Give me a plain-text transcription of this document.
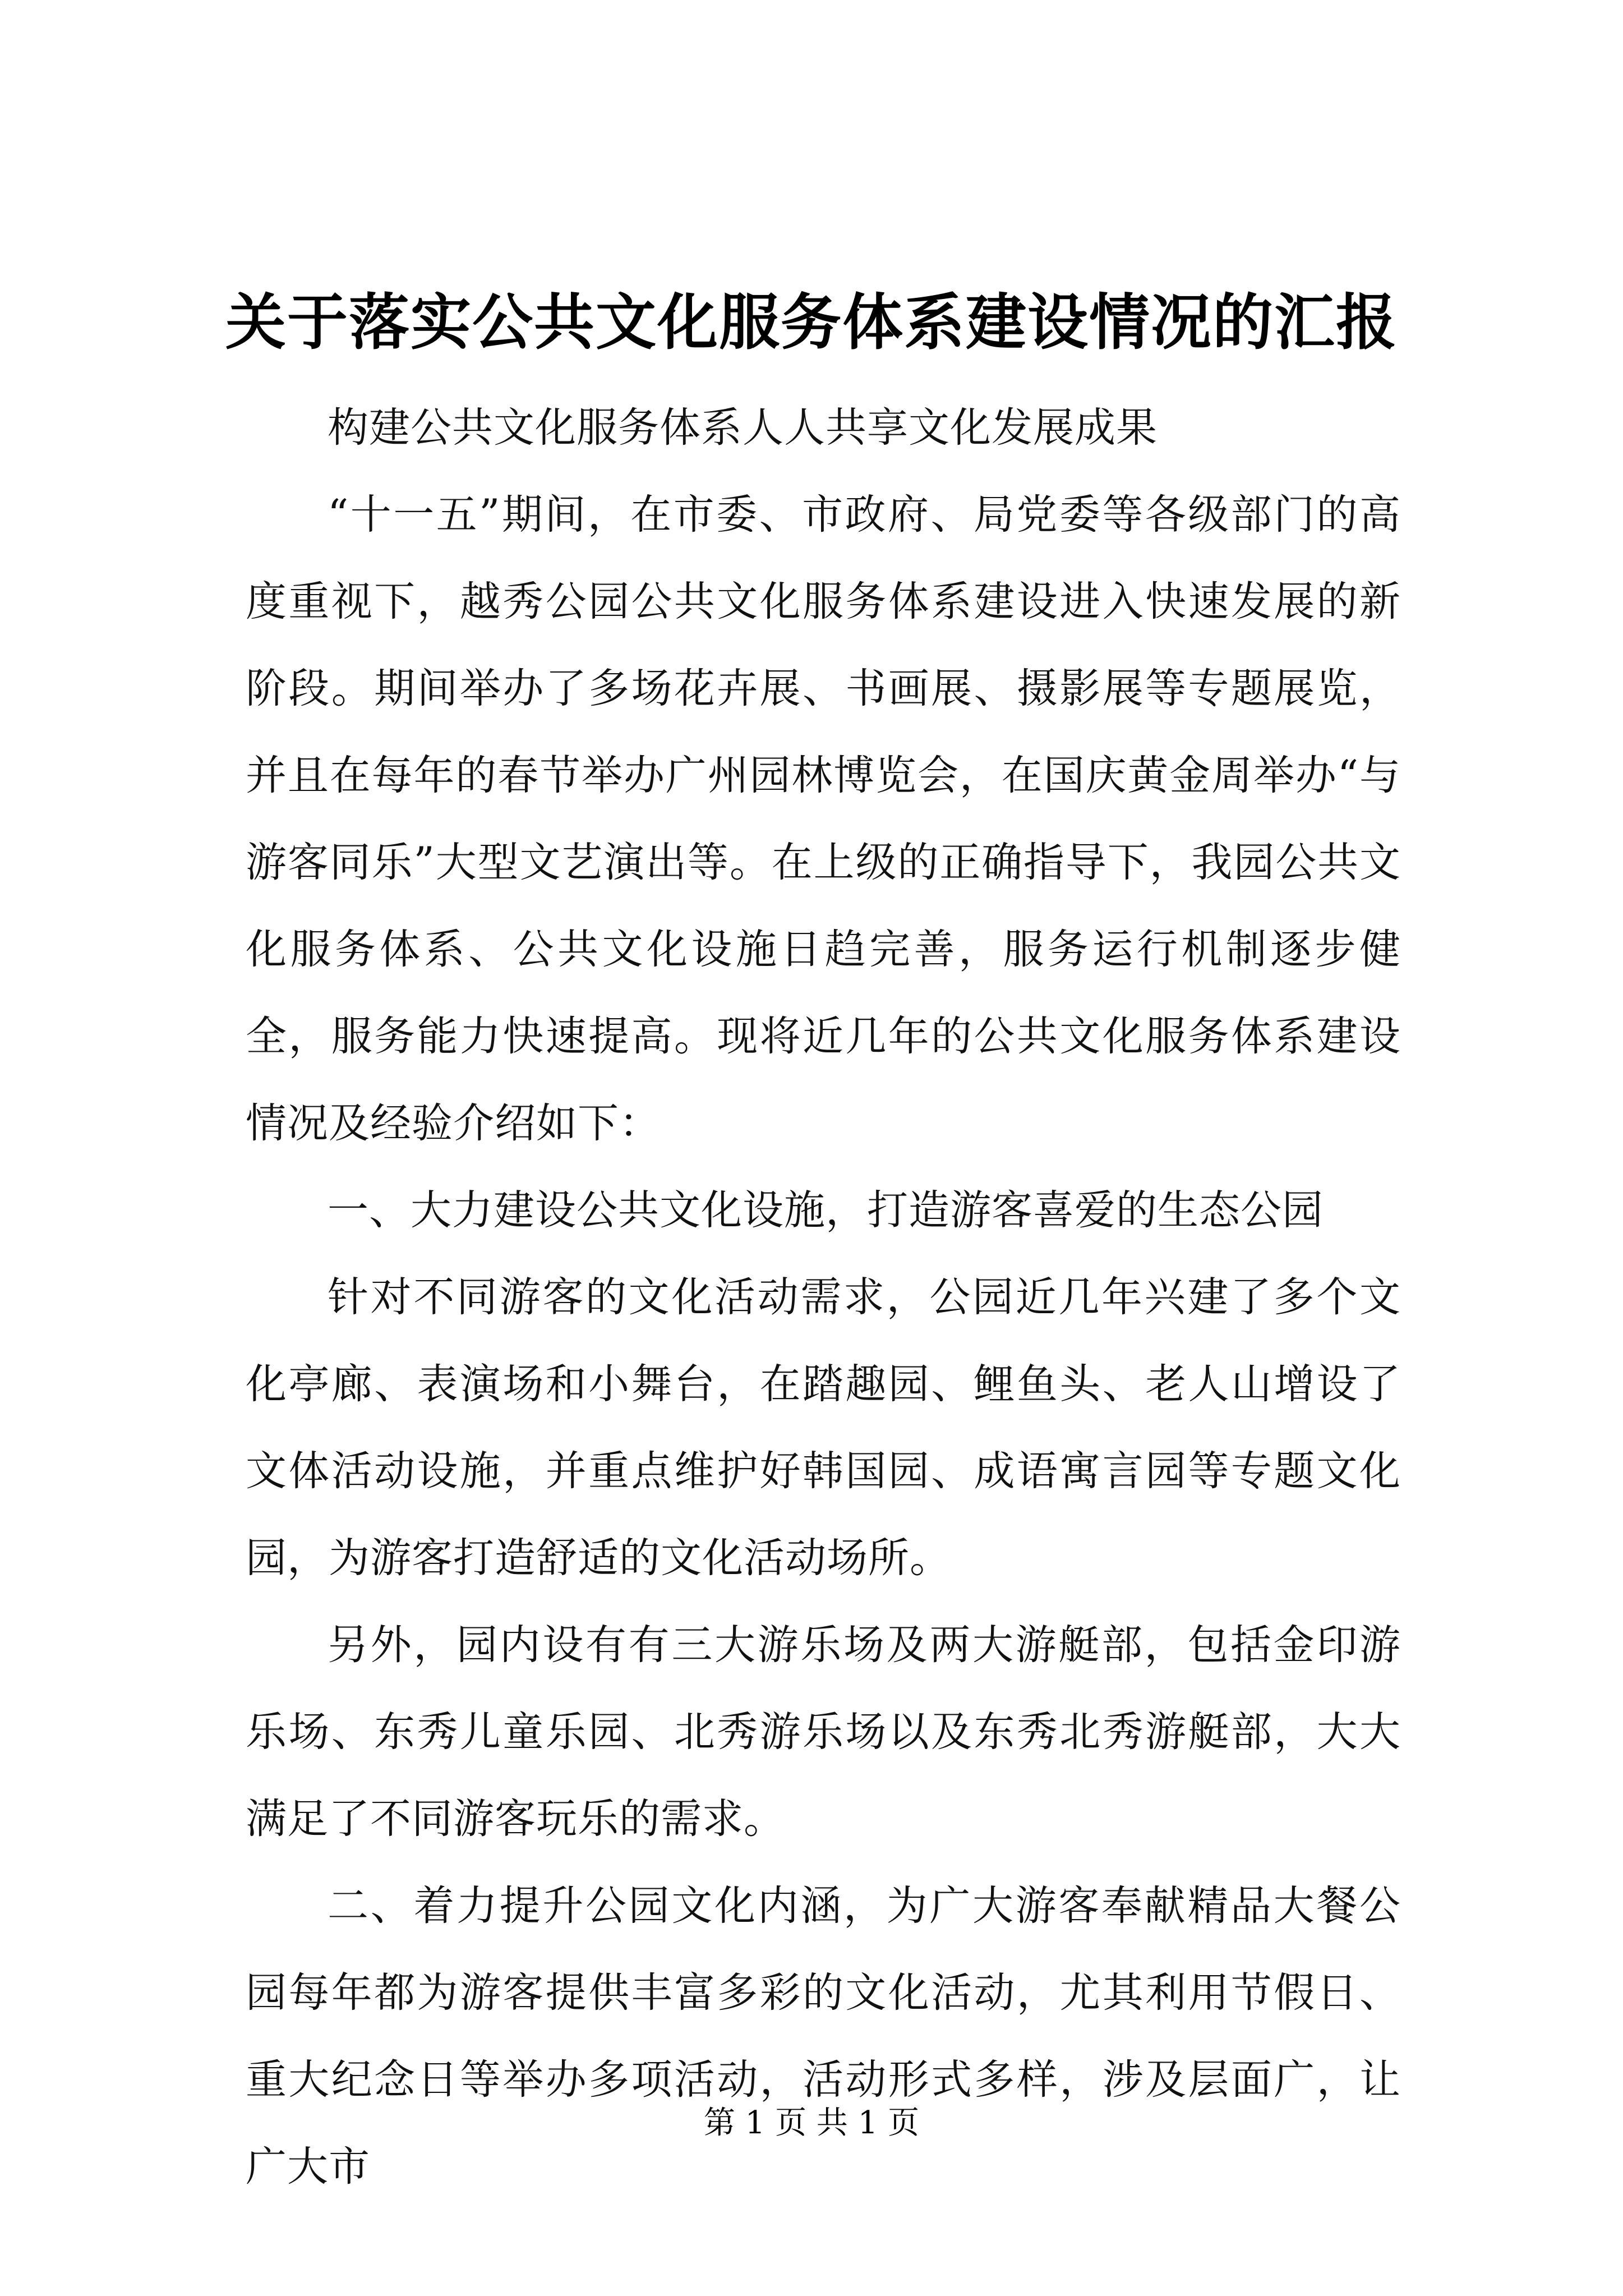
关于落实公共文化服务体系建设情况的汇报

构建公共文化服务体系人人共享文化发展成果

“十一五”期间，在市委、市政府、局党委等各级部门的高度重视下，越秀公园公共文化服务体系建设进入快速发展的新阶段。期间举办了多场花卉展、书画展、摄影展等专题展览，并且在每年的春节举办广州园林博览会，在国庆黄金周举办“与游客同乐”大型文艺演出等。在上级的正确指导下，我园公共文化服务体系、公共文化设施日趋完善，服务运行机制逐步健全，服务能力快速提高。现将近几年的公共文化服务体系建设情况及经验介绍如下：

一、大力建设公共文化设施，打造游客喜爱的生态公园

针对不同游客的文化活动需求，公园近几年兴建了多个文化亭廊、表演场和小舞台，在踏趣园、鲤鱼头、老人山增设了文体活动设施，并重点维护好韩国园、成语寓言园等专题文化园，为游客打造舒适的文化活动场所。

另外，园内设有有三大游乐场及两大游艇部，包括金印游乐场、东秀儿童乐园、北秀游乐场以及东秀北秀游艇部，大大满足了不同游客玩乐的需求。

二、着力提升公园文化内涵，为广大游客奉献精品大餐公园每年都为游客提供丰富多彩的文化活动，尤其利用节假日、重大纪念日等举办多项活动，活动形式多样，涉及层面广，让广大市

第 1 页 共 1 页
